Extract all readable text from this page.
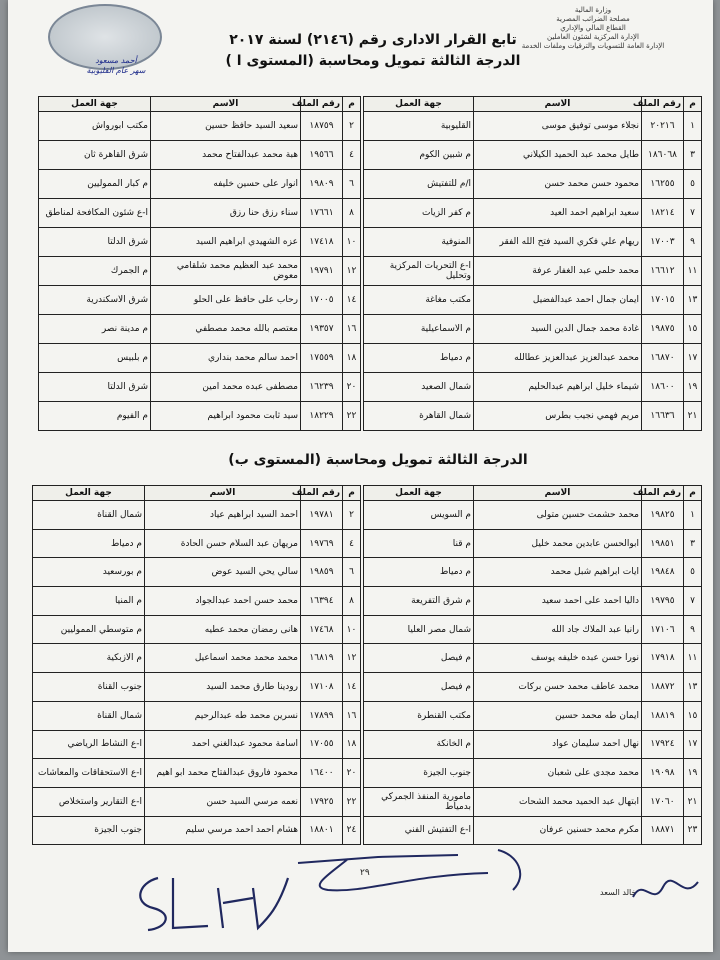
أحمد مسعود
سهر عام القليوبية
وزارة المالية
مصلحة الضرائب المصرية
القطاع المالي والإداري
الإدارة المركزية لشئون العاملين
الإدارة العامة للتسويات والترقيات وملفات الخدمة
تابع القرار الادارى رقم (٢١٤٦) لسنة ٢٠١٧
الدرجة الثالثة تمويل ومحاسبة (المستوى ا )
م	رقم الملف	الاسم	جهة العمل
١	٢٠٢١٦	نجلاء موسى توفيق موسى	القليوبية
٣	١٨٦٠٦٨	طايل محمد عبد الحميد الكيلاني	م شبين الكوم
٥	١٦٢٥٥	محمود حسن محمد حسن	ا/م للتفتيش
٧	١٨٢١٤	سعيد ابراهيم احمد العيد	م كفر الزيات
٩	١٧٠٠٣	ريهام علي فكري السيد فتح الله الفقر	المنوفية
١١	١٦٦١٢	محمد حلمي عبد الغفار عرفة	ا-ع التحريات المركزية وتحليل
١٣	١٧٠١٥	ايمان جمال احمد عبدالفضيل	مكتب مغاغة
١٥	١٩٨٧٥	غادة محمد جمال الدين السيد	م الاسماعيلية
١٧	١٦٨٧٠	محمد عبدالعزيز عبدالعزيز عطالله	م دمياط
١٩	١٨٦٠٠	شيماء خليل ابراهيم عبدالحليم	شمال الصعيد
٢١	١٦٦٣٦	مريم فهمي نجيب بطرس	شمال القاهرة
م	رقم الملف	الاسم	جهة العمل
٢	١٨٧٥٩	سعيد السيد حافظ حسين	مكتب ابورواش
٤	١٩٥٦٦	هبة محمد عبدالفتاح محمد	شرق القاهرة ثان
٦	١٩٨٠٩	انوار على حسين خليفه	م كبار المموليين
٨	١٧٦٦١	سناء رزق حنا رزق	ا-ع شئون المكافحة لمناطق
١٠	١٧٤١٨	عزه الشهيدي ابراهيم السيد	شرق الدلتا
١٢	١٩٧٩١	محمد عبد العظيم محمد شلقامي معوض	م الجمرك
١٤	١٧٠٠٥	رحاب على حافظ على الحلو	شرق الاسكندرية
١٦	١٩٣٥٧	معتصم بالله محمد مصطفي	م مدينة نصر
١٨	١٧٥٥٩	احمد سالم محمد بنداري	م بلبيس
٢٠	١٦٢٣٩	مصطفى عبده محمد امين	شرق الدلتا
٢٢	١٨٢٢٩	سيد ثابت محمود ابراهيم	م الفيوم
الدرجة الثالثة تمويل ومحاسبة (المستوى ب)
م	رقم الملف	الاسم	جهة العمل
١	١٩٨٢٥	محمد حشمت حسين متولى	م السويس
٣	١٩٨٥١	ابوالحسن عابدين محمد خليل	م قنا
٥	١٩٨٤٨	ايات ابراهيم شبل محمد	م دمياط
٧	١٩٧٩٥	داليا احمد على احمد سعيد	م شرق التفريعة
٩	١٧١٠٦	رانيا عبد الملاك جاد الله	شمال مصر العليا
١١	١٧٩١٨	نورا حسن عبده خليفه يوسف	م فيصل
١٣	١٨٨٧٢	محمد عاطف محمد حسن بركات	م فيصل
١٥	١٨٨١٩	ايمان طه محمد حسين	مكتب القنطرة
١٧	١٧٩٢٤	نهال احمد سليمان عواد	م الخانكة
١٩	١٩٠٩٨	محمد مجدى على شعبان	جنوب الجيزة
٢١	١٧٠٦٠	ابتهال عبد الحميد محمد الشحات	مامورية المنفذ الجمركي بدمياط
٢٣	١٨٨٧١	مكرم محمد حسنين عرفان	ا-ع التفتيش الفني
م	رقم الملف	الاسم	جهة العمل
٢	١٩٧٨١	احمد السيد ابراهيم عياد	شمال القناة
٤	١٩٧٦٩	مريهان عبد السلام حسن الحادة	م دمياط
٦	١٩٨٥٩	سالي يحي السيد عوض	م بورسعيد
٨	١٦٣٩٤	محمد حسن احمد عبدالجواد	م المنيا
١٠	١٧٤٦٨	هانى رمضان محمد عطيه	م متوسطي المموليين
١٢	١٦٨١٩	محمد محمد محمد اسماعيل	م الازبكية
١٤	١٧١٠٨	رودينا طارق محمد السيد	جنوب القناة
١٦	١٧٨٩٩	نسرين محمد طه عبدالرحيم	شمال القناة
١٨	١٧٠٥٥	اسامة محمود عبدالغني احمد	ا-ع النشاط الرياضي
٢٠	١٦٤٠٠	محمود فاروق عبدالفتاح محمد ابو اهيم	ا-ع الاستحقاقات والمعاشات
٢٢	١٧٩٢٥	نعمه مرسي السيد حسن	ا-ع التقارير واستخلاص
٢٤	١٨٨٠١	هشام احمد احمد مرسي سليم	جنوب الجيزة
٢٩
خالد السعد
